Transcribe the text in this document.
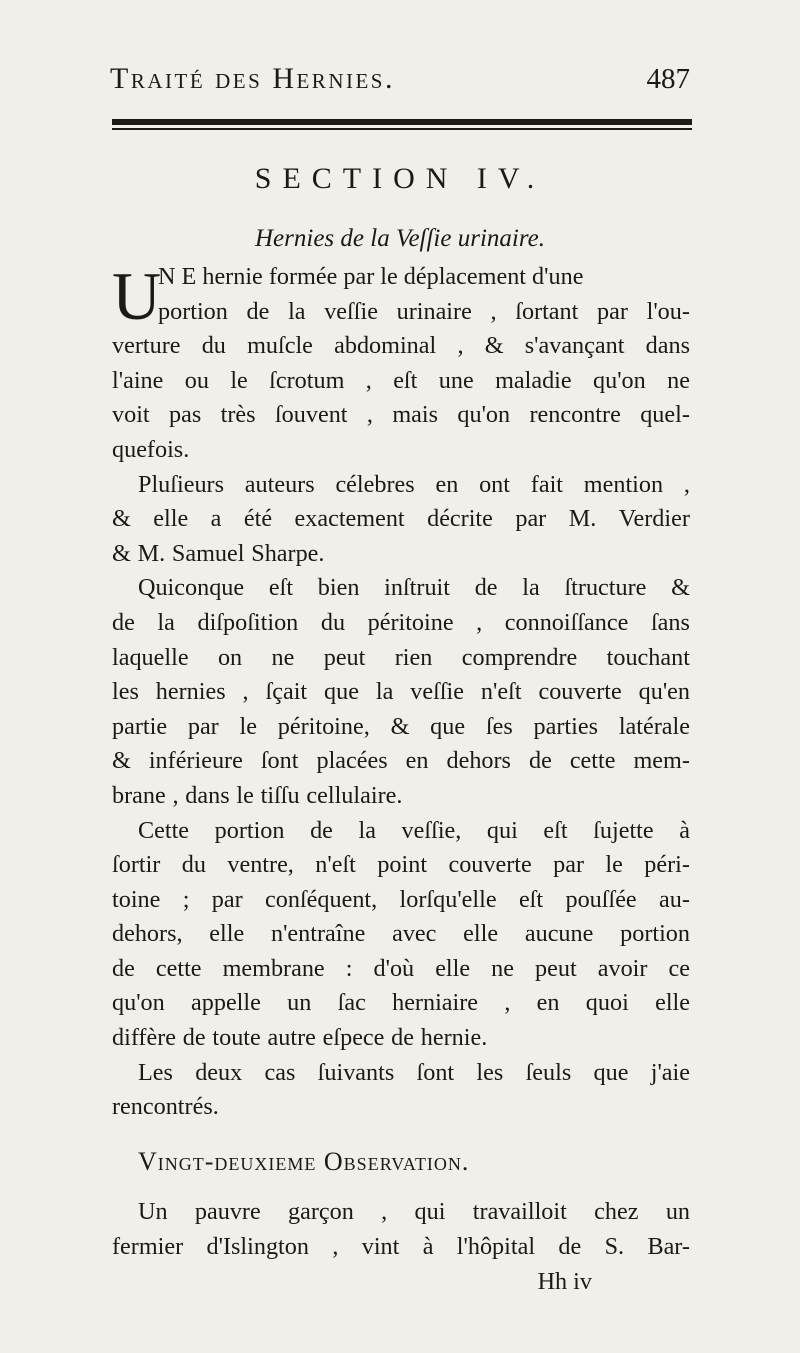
Traité des Hernies.	487
SECTION IV.
Hernies de la Veſſie urinaire.
U
N E hernie formée par le déplacement d'une
portion de la veſſie urinaire , ſortant par l'ou-
verture du muſcle abdominal , & s'avançant dans
l'aine ou le ſcrotum , eſt une maladie qu'on ne
voit pas très ſouvent , mais qu'on rencontre quel-
quefois.
Pluſieurs auteurs célebres en ont fait mention ,
& elle a été exactement décrite par M. Verdier
& M. Samuel Sharpe.
Quiconque eſt bien inſtruit de la ſtructure &
de la diſpoſition du péritoine , connoiſſance ſans
laquelle on ne peut rien comprendre touchant
les hernies , ſçait que la veſſie n'eſt couverte qu'en
partie par le péritoine, & que ſes parties latérale
& inférieure ſont placées en dehors de cette mem-
brane , dans le tiſſu cellulaire.
Cette portion de la veſſie, qui eſt ſujette à
ſortir du ventre, n'eſt point couverte par le péri-
toine ; par conſéquent, lorſqu'elle eſt pouſſée au-
dehors, elle n'entraîne avec elle aucune portion
de cette membrane : d'où elle ne peut avoir ce
qu'on appelle un ſac herniaire , en quoi elle
diffère de toute autre eſpece de hernie.
Les deux cas ſuivants ſont les ſeuls que j'aie
rencontrés.
Vingt-deuxieme Observation.
Un pauvre garçon , qui travailloit chez un
fermier d'Islington , vint à l'hôpital de S. Bar-
Hh iv
